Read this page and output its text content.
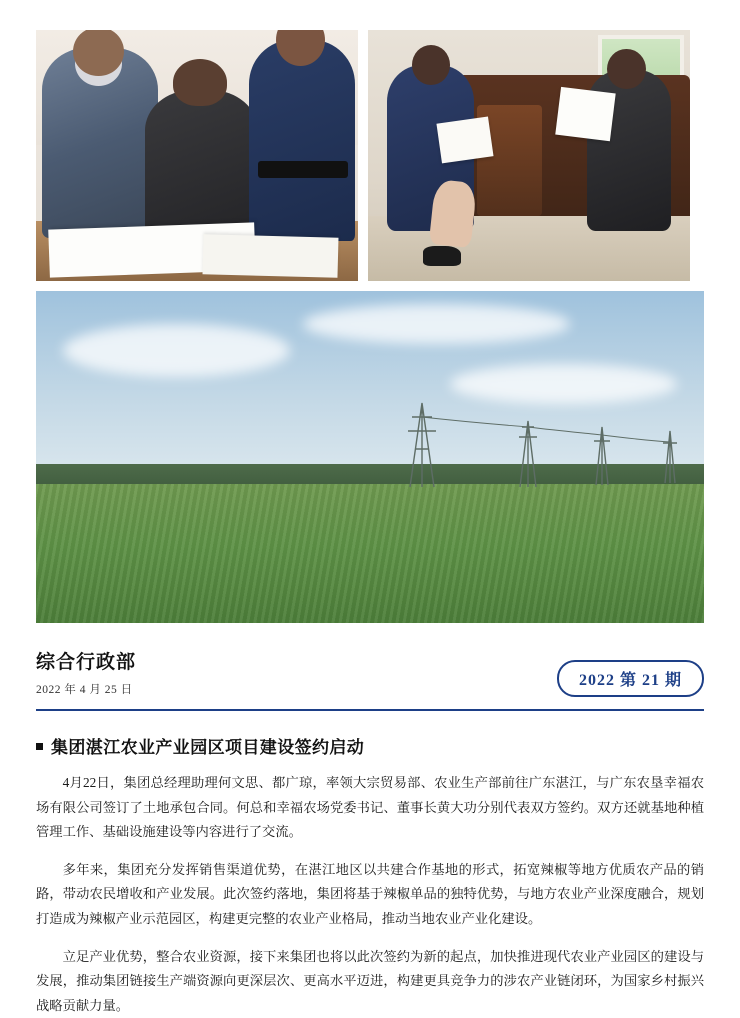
综合行政部
2022 年 4 月 25 日
2022 第 21 期
集团湛江农业产业园区项目建设签约启动

4月22日，集团总经理助理何文思、都广琼，率领大宗贸易部、农业生产部前往广东湛江，与广东农垦幸福农场有限公司签订了土地承包合同。何总和幸福农场党委书记、董事长黄大功分别代表双方签约。双方还就基地种植管理工作、基础设施建设等内容进行了交流。

多年来，集团充分发挥销售渠道优势，在湛江地区以共建合作基地的形式，拓宽辣椒等地方优质农产品的销路，带动农民增收和产业发展。此次签约落地，集团将基于辣椒单品的独特优势，与地方农业产业深度融合，规划打造成为辣椒产业示范园区，构建更完整的农业产业格局，推动当地农业产业化建设。

立足产业优势，整合农业资源，接下来集团也将以此次签约为新的起点，加快推进现代农业产业园区的建设与发展，推动集团链接生产端资源向更深层次、更高水平迈进，构建更具竞争力的涉农产业链闭环，为国家乡村振兴战略贡献力量。
